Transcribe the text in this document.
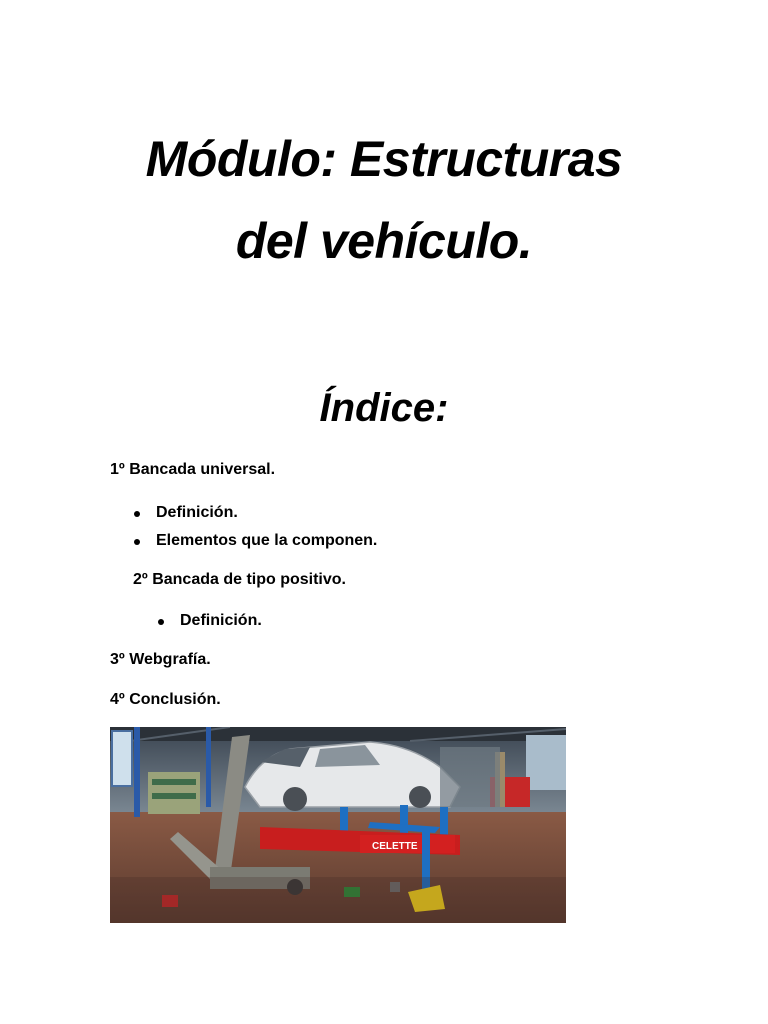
Módulo: Estructuras
del vehículo.
Índice:
1º Bancada universal.
Definición.
Elementos que la componen.
2º Bancada de tipo positivo.
Definición.
3º Webgrafía.
4º Conclusión.
CELETTE
